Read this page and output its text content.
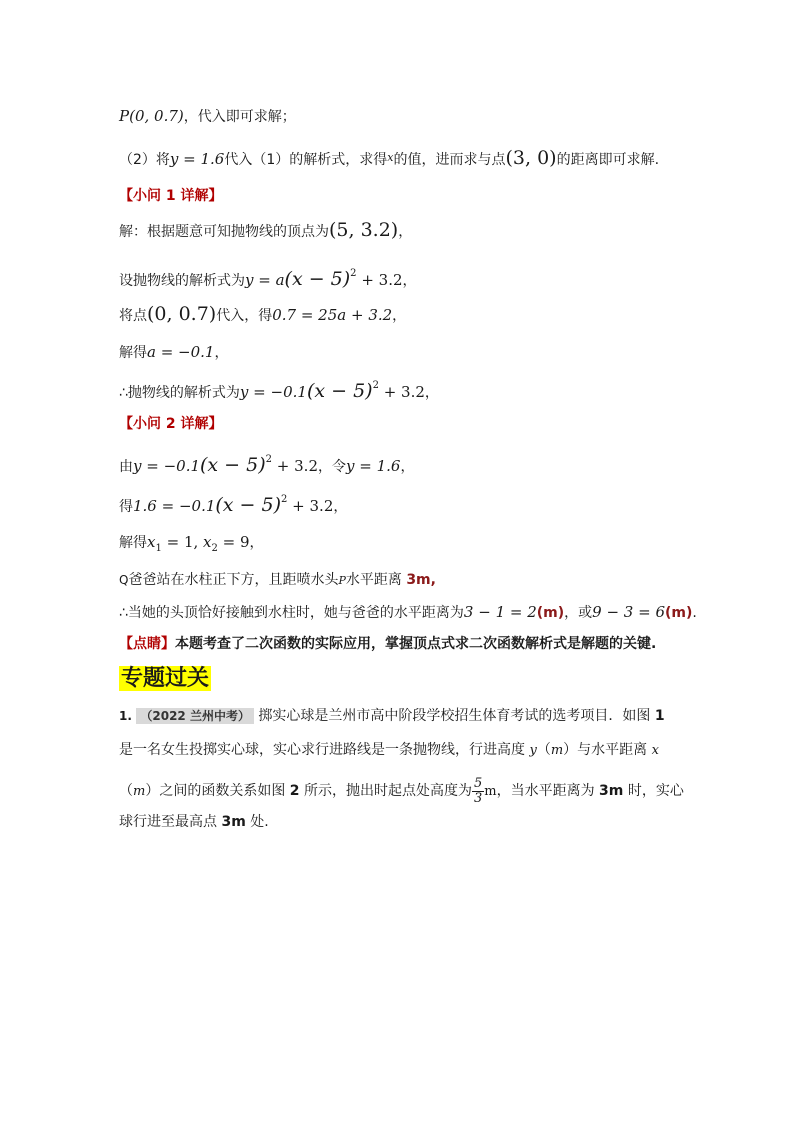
P(0, 0.7)，代入即可求解；
（2）将y = 1.6代入（1）的解析式，求得$^x$的值，进而求与点(3, 0)的距离即可求解.
【小问 1 详解】
解：根据题意可知抛物线的顶点为(5, 3.2)，
设抛物线的解析式为$y = a(x - 5)^2 + 3.2$，
将点(0, 0.7)代入，得0.7 = 25a + 3.2，
解得a = −0.1，
∴抛物线的解析式为$y = -0.1(x - 5)^2 + 3.2$，
【小问 2 详解】
由$y = -0.1(x - 5)^2 + 3.2$，令y = 1.6，
得$1.6 = -0.1(x - 5)^2 + 3.2$，
解得$x_1 = 1$, $x_2 = 9$，
Q爸爸站在水柱正下方，且距喷水头P水平距离 3m,
∴当她的头顶恰好接触到水柱时，她与爸爸的水平距离为3 − 1 = 2(m)，或9 − 3 = 6(m).
【点睛】本题考查了二次函数的实际应用，掌握顶点式求二次函数解析式是解题的关键.
专题过关
1. （2022 兰州中考） 掷实心球是兰州市高中阶段学校招生体育考试的选考项目．如图 1
是一名女生投掷实心球，实心求行进路线是一条抛物线，行进高度 y（m）与水平距离 x
（m）之间的函数关系如图 2 所示，抛出时起点处高度为 $\frac{5}{3}$ m，当水平距离为 3m 时，实心
球行进至最高点 3m 处.
